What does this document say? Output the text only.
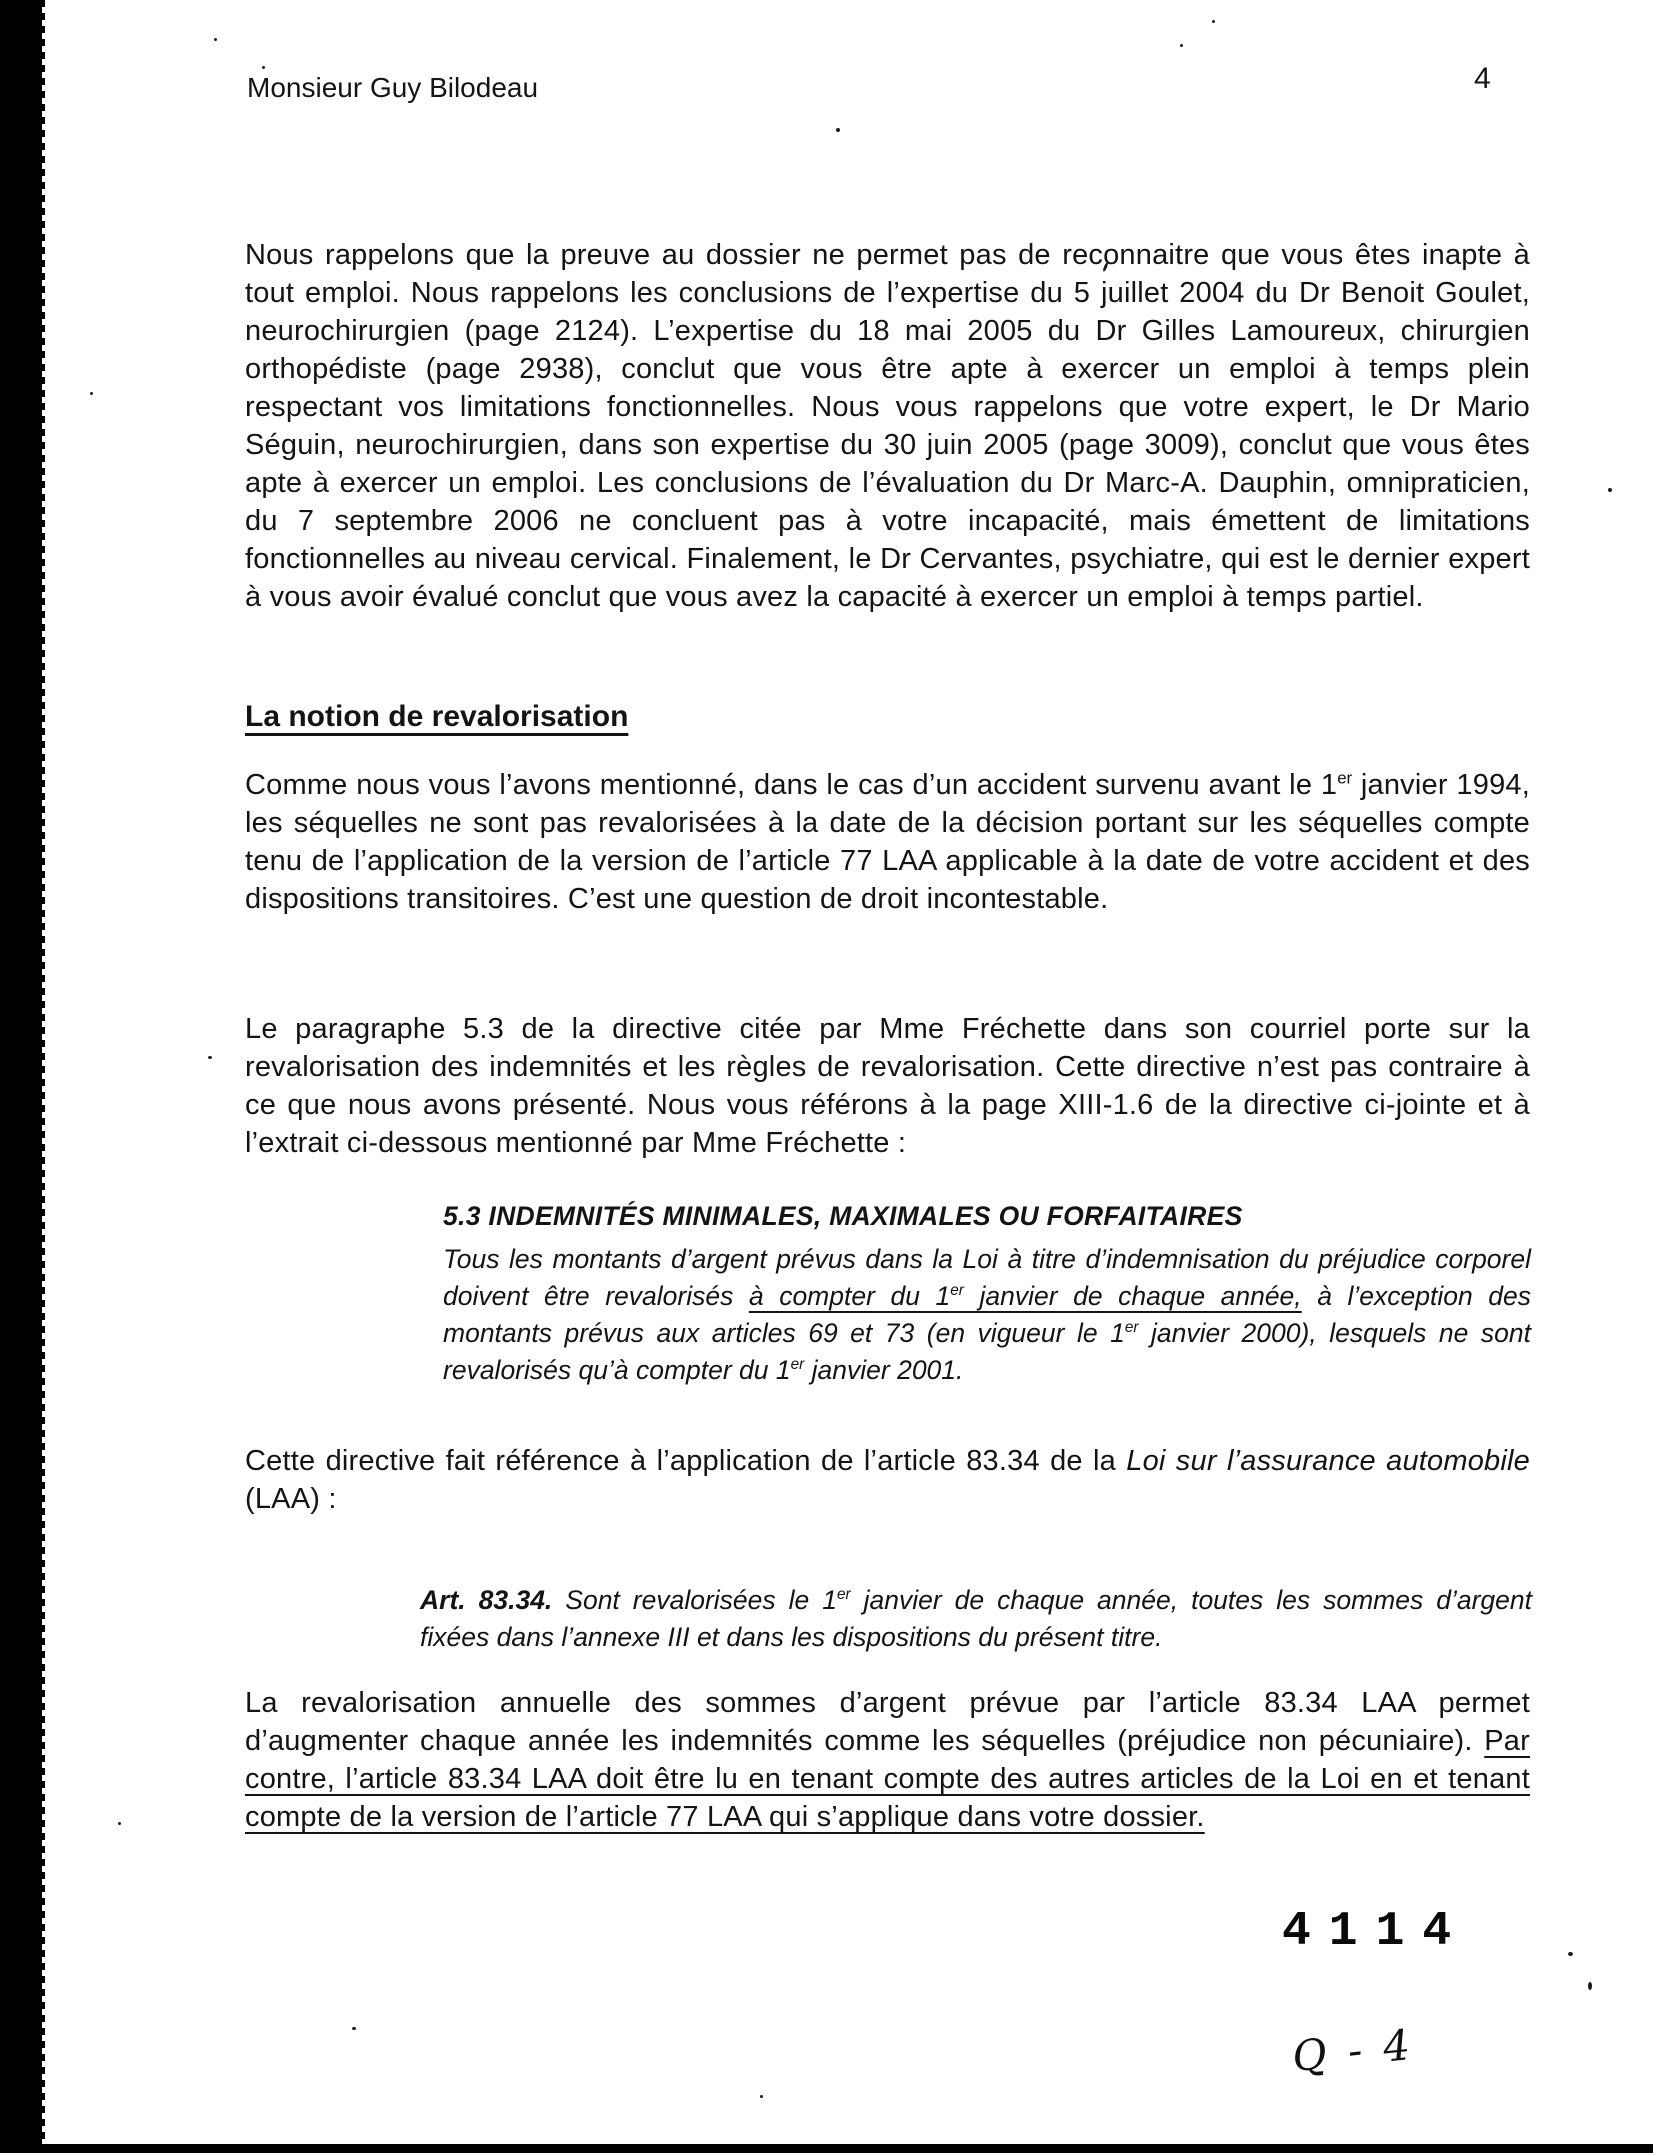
Monsieur Guy Bilodeau	4

Nous rappelons que la preuve au dossier ne permet pas de reconnaitre que vous êtes inapte à tout emploi. Nous rappelons les conclusions de l’expertise du 5 juillet 2004 du Dr Benoit Goulet, neurochirurgien (page 2124). L’expertise du 18 mai 2005 du Dr Gilles Lamoureux, chirurgien orthopédiste (page 2938), conclut que vous être apte à exercer un emploi à temps plein respectant vos limitations fonctionnelles. Nous vous rappelons que votre expert, le Dr Mario Séguin, neurochirurgien, dans son expertise du 30 juin 2005 (page 3009), conclut que vous êtes apte à exercer un emploi. Les conclusions de l’évaluation du Dr Marc-A. Dauphin, omnipraticien, du 7 septembre 2006 ne concluent pas à votre incapacité, mais émettent de limitations fonctionnelles au niveau cervical. Finalement, le Dr Cervantes, psychiatre, qui est le dernier expert à vous avoir évalué conclut que vous avez la capacité à exercer un emploi à temps partiel.

La notion de revalorisation

Comme nous vous l’avons mentionné, dans le cas d’un accident survenu avant le 1er janvier 1994, les séquelles ne sont pas revalorisées à la date de la décision portant sur les séquelles compte tenu de l’application de la version de l’article 77 LAA applicable à la date de votre accident et des dispositions transitoires. C’est une question de droit incontestable.

Le paragraphe 5.3 de la directive citée par Mme Fréchette dans son courriel porte sur la revalorisation des indemnités et les règles de revalorisation. Cette directive n’est pas contraire à ce que nous avons présenté. Nous vous référons à la page XIII-1.6 de la directive ci-jointe et à l’extrait ci-dessous mentionné par Mme Fréchette :

5.3 INDEMNITÉS MINIMALES, MAXIMALES OU FORFAITAIRES
Tous les montants d’argent prévus dans la Loi à titre d’indemnisation du préjudice corporel doivent être revalorisés à compter du 1er janvier de chaque année, à l’exception des montants prévus aux articles 69 et 73 (en vigueur le 1er janvier 2000), lesquels ne sont revalorisés qu’à compter du 1er janvier 2001.

Cette directive fait référence à l’application de l’article 83.34 de la Loi sur l’assurance automobile (LAA) :

Art. 83.34. Sont revalorisées le 1er janvier de chaque année, toutes les sommes d’argent fixées dans l’annexe III et dans les dispositions du présent titre.

La revalorisation annuelle des sommes d’argent prévue par l’article 83.34 LAA permet d’augmenter chaque année les indemnités comme les séquelles (préjudice non pécuniaire). Par contre, l’article 83.34 LAA doit être lu en tenant compte des autres articles de la Loi en et tenant compte de la version de l’article 77 LAA qui s’applique dans votre dossier.

4114
Q - 4
